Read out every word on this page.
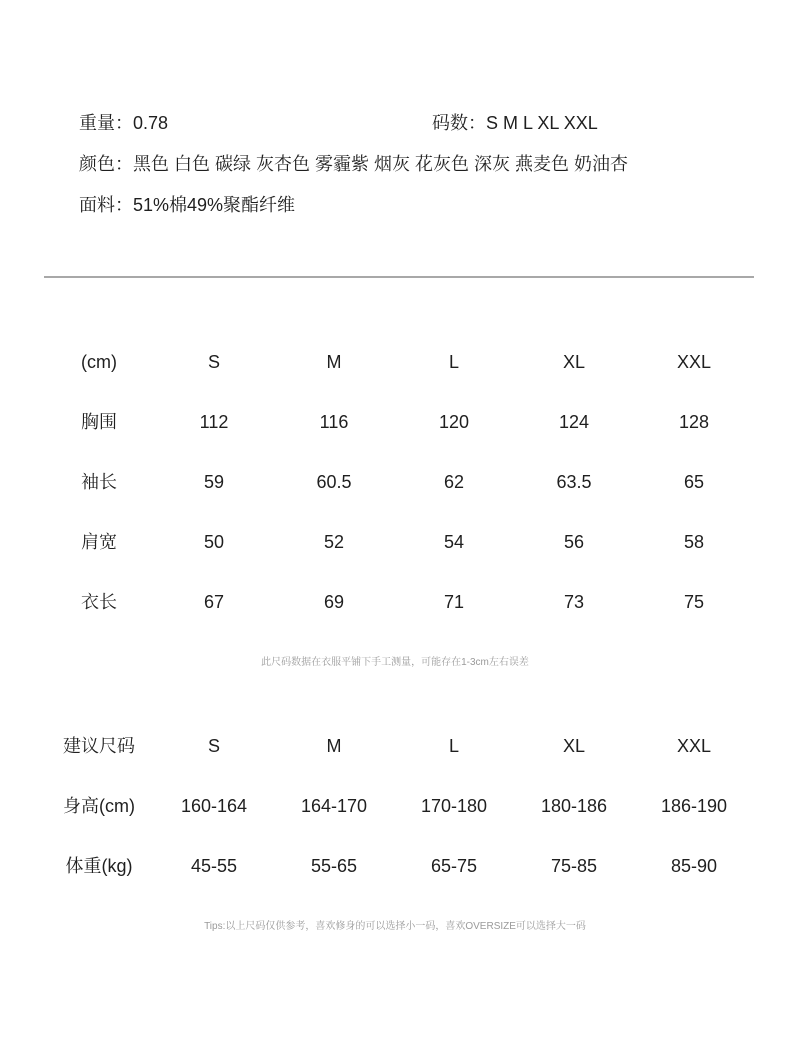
重量：0.78	码数：S M L XL XXL
颜色：黑色 白色 碳绿 灰杏色 雾霾紫 烟灰 花灰色 深灰 燕麦色 奶油杏
面料：51%棉49%聚酯纤维
(cm)	S	M	L	XL	XXL
胸围	112	116	120	124	128
袖长	59	60.5	62	63.5	65
肩宽	50	52	54	56	58
衣长	67	69	71	73	75
此尺码数据在衣服平铺下手工测量，可能存在1-3cm左右误差
建议尺码	S	M	L	XL	XXL
身高(cm)	160-164	164-170	170-180	180-186	186-190
体重(kg)	45-55	55-65	65-75	75-85	85-90
Tips:以上尺码仅供参考，喜欢修身的可以选择小一码，喜欢OVERSIZE可以选择大一码
